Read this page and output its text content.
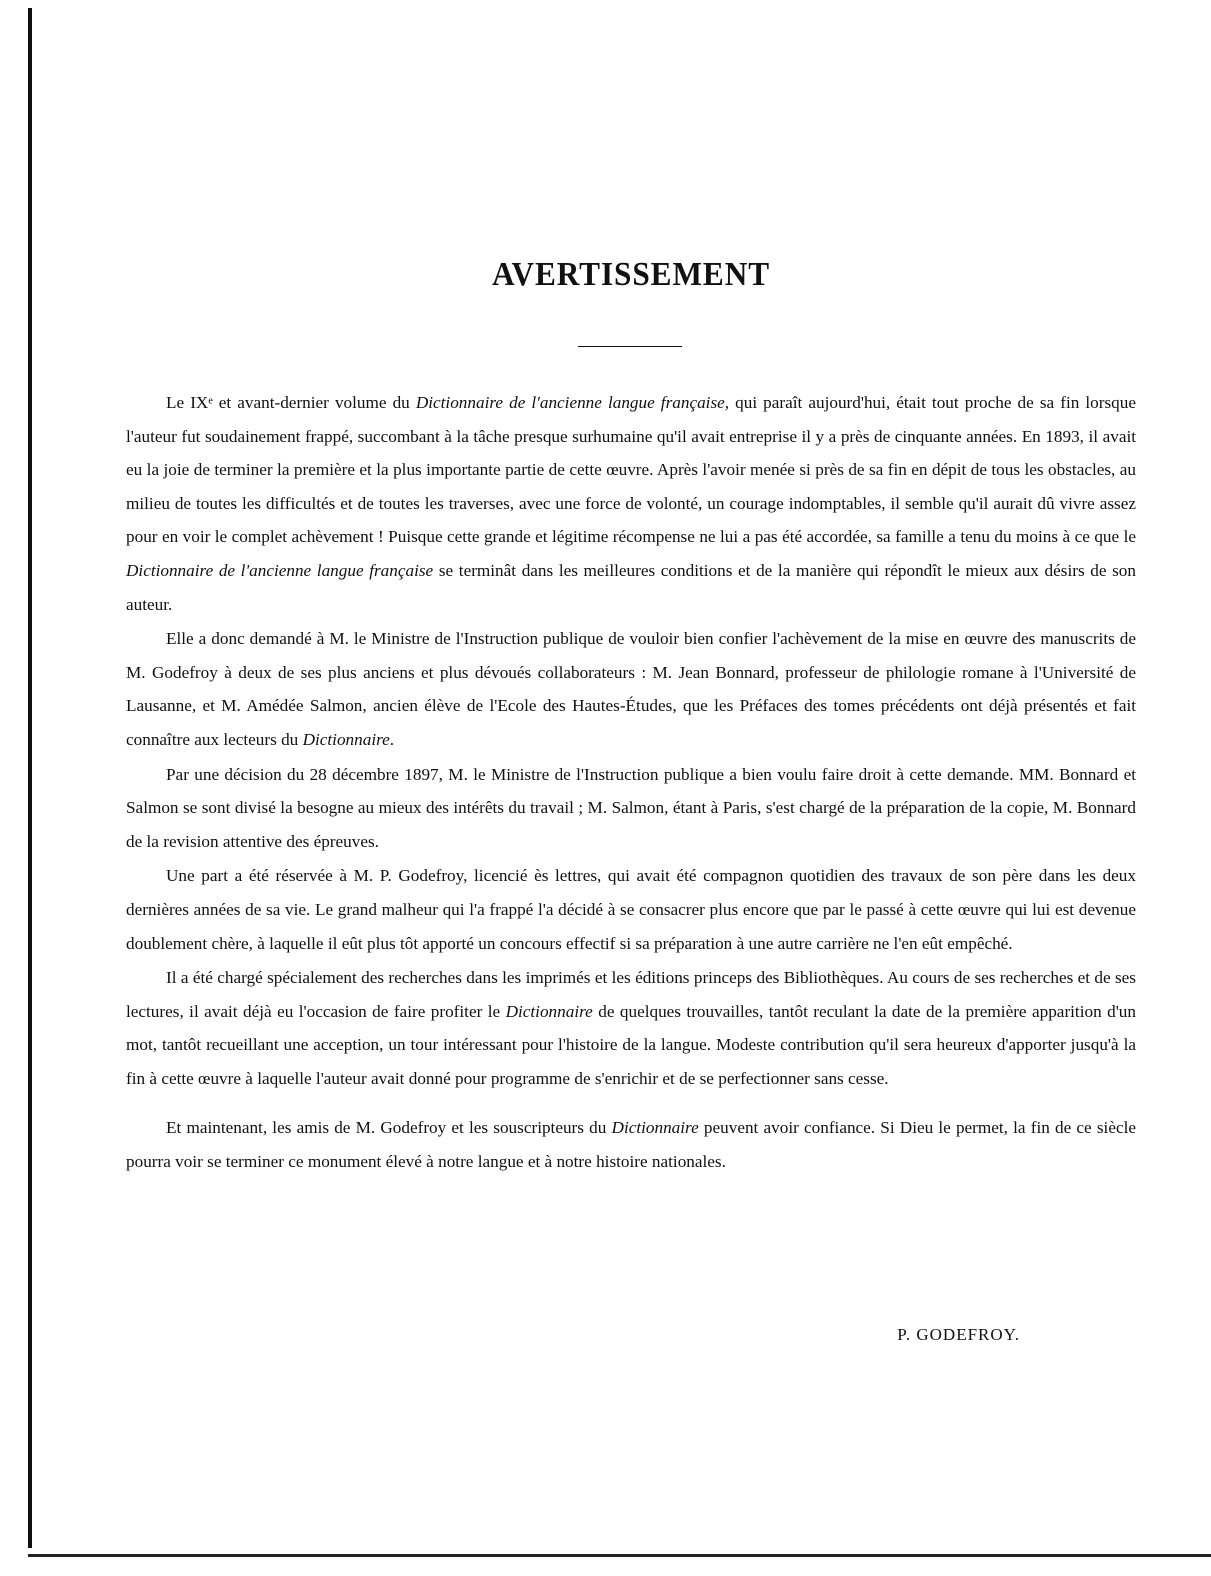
AVERTISSEMENT

Le IXᵉ et avant-dernier volume du Dictionnaire de l'ancienne langue française, qui paraît aujourd'hui, était tout proche de sa fin lorsque l'auteur fut soudainement frappé, succombant à la tâche presque surhumaine qu'il avait entreprise il y a près de cinquante années. En 1893, il avait eu la joie de terminer la première et la plus importante partie de cette œuvre. Après l'avoir menée si près de sa fin en dépit de tous les obstacles, au milieu de toutes les difficultés et de toutes les traverses, avec une force de volonté, un courage indomptables, il semble qu'il aurait dû vivre assez pour en voir le complet achèvement ! Puisque cette grande et légitime récompense ne lui a pas été accordée, sa famille a tenu du moins à ce que le Dictionnaire de l'ancienne langue française se terminât dans les meilleures conditions et de la manière qui répondît le mieux aux désirs de son auteur.

Elle a donc demandé à M. le Ministre de l'Instruction publique de vouloir bien confier l'achèvement de la mise en œuvre des manuscrits de M. Godefroy à deux de ses plus anciens et plus dévoués collaborateurs : M. Jean Bonnard, professeur de philologie romane à l'Université de Lausanne, et M. Amédée Salmon, ancien élève de l'Ecole des Hautes-Études, que les Préfaces des tomes précédents ont déjà présentés et fait connaître aux lecteurs du Dictionnaire.

Par une décision du 28 décembre 1897, M. le Ministre de l'Instruction publique a bien voulu faire droit à cette demande. MM. Bonnard et Salmon se sont divisé la besogne au mieux des intérêts du travail ; M. Salmon, étant à Paris, s'est chargé de la préparation de la copie, M. Bonnard de la revision attentive des épreuves.

Une part a été réservée à M. P. Godefroy, licencié ès lettres, qui avait été compagnon quotidien des travaux de son père dans les deux dernières années de sa vie. Le grand malheur qui l'a frappé l'a décidé à se consacrer plus encore que par le passé à cette œuvre qui lui est devenue doublement chère, à laquelle il eût plus tôt apporté un concours effectif si sa préparation à une autre carrière ne l'en eût empêché.

Il a été chargé spécialement des recherches dans les imprimés et les éditions princeps des Bibliothèques. Au cours de ses recherches et de ses lectures, il avait déjà eu l'occasion de faire profiter le Dictionnaire de quelques trouvailles, tantôt reculant la date de la première apparition d'un mot, tantôt recueillant une acception, un tour intéressant pour l'histoire de la langue. Modeste contribution qu'il sera heureux d'apporter jusqu'à la fin à cette œuvre à laquelle l'auteur avait donné pour programme de s'enrichir et de se perfectionner sans cesse.

Et maintenant, les amis de M. Godefroy et les souscripteurs du Dictionnaire peuvent avoir confiance. Si Dieu le permet, la fin de ce siècle pourra voir se terminer ce monument élevé à notre langue et à notre histoire nationales.

P. GODEFROY.
